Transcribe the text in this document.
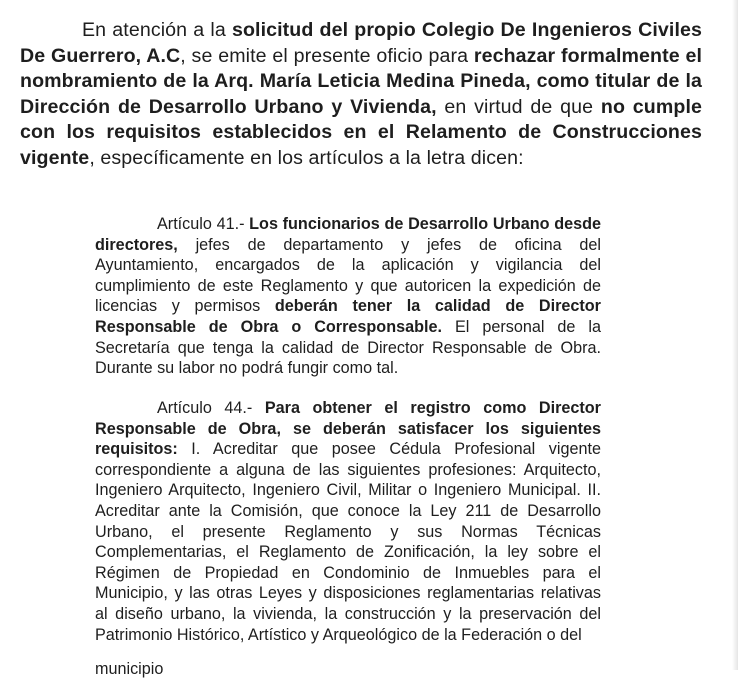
En atención a la solicitud del propio Colegio De Ingenieros Civiles De Guerrero, A.C, se emite el presente oficio para rechazar formalmente el nombramiento de la Arq. María Leticia Medina Pineda, como titular de la Dirección de Desarrollo Urbano y Vivienda, en virtud de que no cumple con los requisitos establecidos en el Relamento de Construcciones vigente, específicamente en los artículos a la letra dicen:

Artículo 41.- Los funcionarios de Desarrollo Urbano desde directores, jefes de departamento y jefes de oficina del Ayuntamiento, encargados de la aplicación y vigilancia del cumplimiento de este Reglamento y que autoricen la expedición de licencias y permisos deberán tener la calidad de Director Responsable de Obra o Corresponsable. El personal de la Secretaría que tenga la calidad de Director Responsable de Obra. Durante su labor no podrá fungir como tal.

Artículo 44.- Para obtener el registro como Director Responsable de Obra, se deberán satisfacer los siguientes requisitos: I. Acreditar que posee Cédula Profesional vigente correspondiente a alguna de las siguientes profesiones: Arquitecto, Ingeniero Arquitecto, Ingeniero Civil, Militar o Ingeniero Municipal. II. Acreditar ante la Comisión, que conoce la Ley 211 de Desarrollo Urbano, el presente Reglamento y sus Normas Técnicas Complementarias, el Reglamento de Zonificación, la ley sobre el Régimen de Propiedad en Condominio de Inmuebles para el Municipio, y las otras Leyes y disposiciones reglamentarias relativas al diseño urbano, la vivienda, la construcción y la preservación del Patrimonio Histórico, Artístico y Arqueológico de la Federación o del

municipio
